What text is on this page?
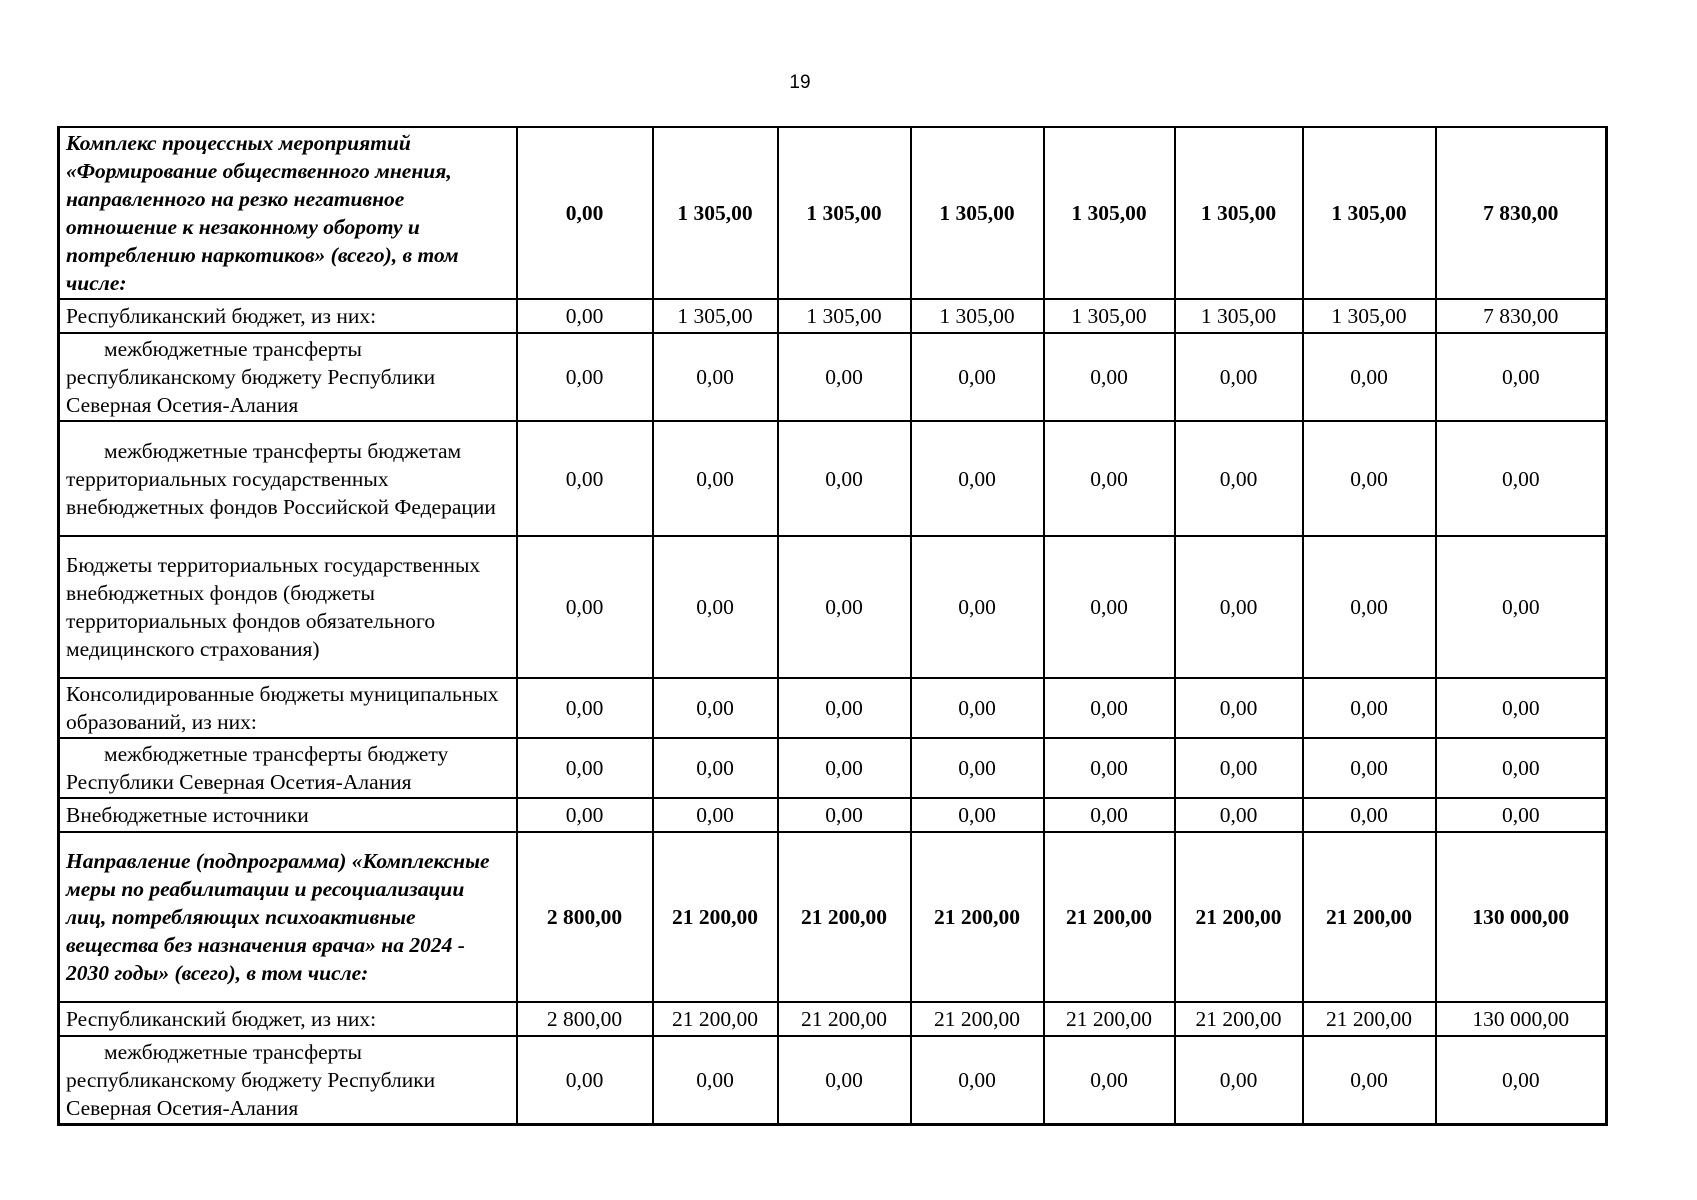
19
Комплекс процессных мероприятий «Формирование общественного мнения, направленного на резко негативное отношение к незаконному обороту и потреблению наркотиков» (всего), в том числе:	0,00	1 305,00	1 305,00	1 305,00	1 305,00	1 305,00	1 305,00	7 830,00
Республиканский бюджет, из них:	0,00	1 305,00	1 305,00	1 305,00	1 305,00	1 305,00	1 305,00	7 830,00
межбюджетные трансферты республиканскому бюджету Республики Северная Осетия-Алания	0,00	0,00	0,00	0,00	0,00	0,00	0,00	0,00
межбюджетные трансферты бюджетам территориальных государственных внебюджетных фондов Российской Федерации	0,00	0,00	0,00	0,00	0,00	0,00	0,00	0,00
Бюджеты территориальных государственных внебюджетных фондов (бюджеты территориальных фондов обязательного медицинского страхования)	0,00	0,00	0,00	0,00	0,00	0,00	0,00	0,00
Консолидированные бюджеты муниципальных образований, из них:	0,00	0,00	0,00	0,00	0,00	0,00	0,00	0,00
межбюджетные трансферты бюджету Республики Северная Осетия-Алания	0,00	0,00	0,00	0,00	0,00	0,00	0,00	0,00
Внебюджетные источники	0,00	0,00	0,00	0,00	0,00	0,00	0,00	0,00
Направление (подпрограмма) «Комплексные меры по реабилитации и ресоциализации лиц, потребляющих психоактивные вещества без назначения врача» на 2024 - 2030 годы» (всего), в том числе:	2 800,00	21 200,00	21 200,00	21 200,00	21 200,00	21 200,00	21 200,00	130 000,00
Республиканский бюджет, из них:	2 800,00	21 200,00	21 200,00	21 200,00	21 200,00	21 200,00	21 200,00	130 000,00
межбюджетные трансферты республиканскому бюджету Республики Северная Осетия-Алания	0,00	0,00	0,00	0,00	0,00	0,00	0,00	0,00
